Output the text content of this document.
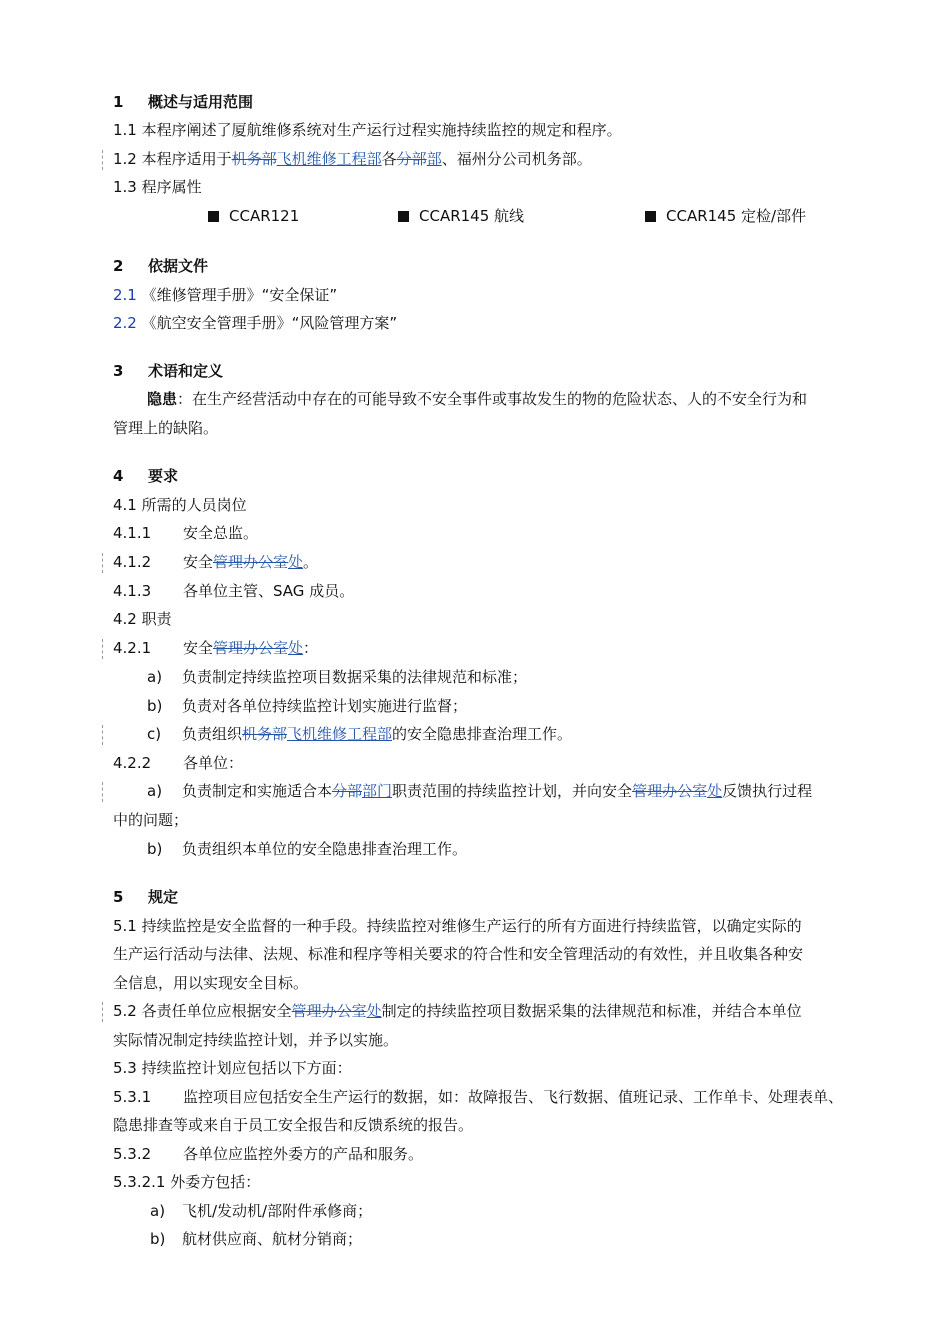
1 概述与适用范围
1.1 本程序阐述了厦航维修系统对生产运行过程实施持续监控的规定和程序。
1.2 本程序适用于机务部飞机维修工程部各分部部、福州分公司机务部。
1.3 程序属性
CCAR121	CCAR145 航线	CCAR145 定检/部件
2 依据文件
2.1 《维修管理手册》“安全保证”
2.2 《航空安全管理手册》“风险管理方案”
3 术语和定义
隐患：在生产经营活动中存在的可能导致不安全事件或事故发生的物的危险状态、人的不安全行为和
管理上的缺陷。
4 要求
4.1 所需的人员岗位
4.1.1 安全总监。
4.1.2 安全管理办公室处。
4.1.3 各单位主管、SAG 成员。
4.2 职责
4.2.1 安全管理办公室处：
a) 负责制定持续监控项目数据采集的法律规范和标准；
b) 负责对各单位持续监控计划实施进行监督；
c) 负责组织机务部飞机维修工程部的安全隐患排查治理工作。
4.2.2 各单位：
a) 负责制定和实施适合本分部部门职责范围的持续监控计划，并向安全管理办公室处反馈执行过程
中的问题；
b) 负责组织本单位的安全隐患排查治理工作。
5 规定
5.1 持续监控是安全监督的一种手段。持续监控对维修生产运行的所有方面进行持续监管，以确定实际的
生产运行活动与法律、法规、标准和程序等相关要求的符合性和安全管理活动的有效性，并且收集各种安
全信息，用以实现安全目标。
5.2 各责任单位应根据安全管理办公室处制定的持续监控项目数据采集的法律规范和标准，并结合本单位
实际情况制定持续监控计划，并予以实施。
5.3 持续监控计划应包括以下方面：
5.3.1 监控项目应包括安全生产运行的数据，如：故障报告、飞行数据、值班记录、工作单卡、处理表单、
隐患排查等或来自于员工安全报告和反馈系统的报告。
5.3.2 各单位应监控外委方的产品和服务。
5.3.2.1 外委方包括：
a) 飞机/发动机/部附件承修商；
b) 航材供应商、航材分销商；
